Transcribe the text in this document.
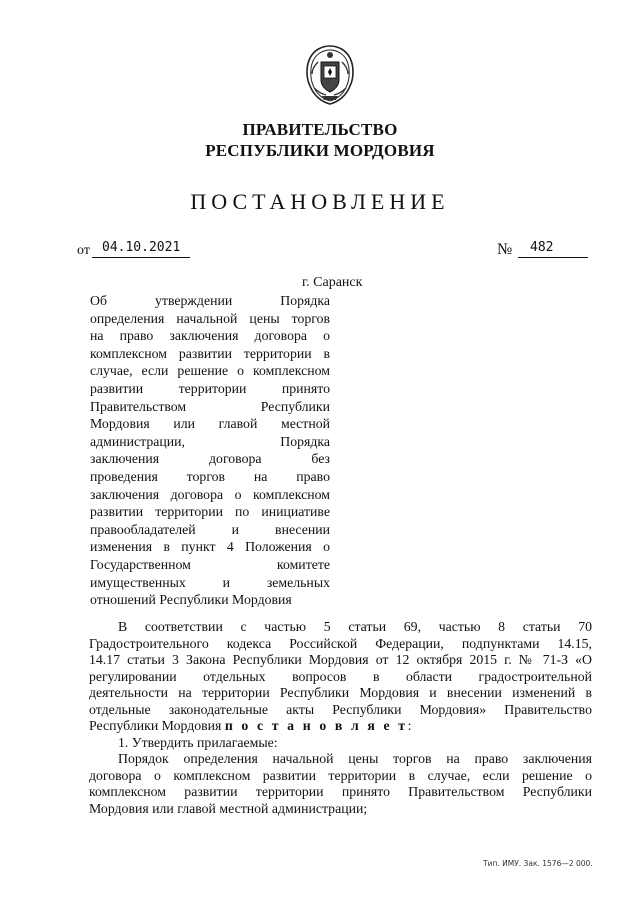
ПРАВИТЕЛЬСТВО
РЕСПУБЛИКИ МОРДОВИЯ
ПОСТАНОВЛЕНИЕ
от 04.10.2021	№	482
г. Саранск
Об утверждении Порядка
определения начальной цены торгов
на право заключения договора о
комплексном развитии территории в
случае, если решение о комплексном
развитии территории принято
Правительством Республики
Мордовия или главой местной
администрации, Порядка
заключения договора без
проведения торгов на право
заключения договора о комплексном
развитии территории по инициативе
правообладателей и внесении
изменения в пункт 4 Положения о
Государственном комитете
имущественных и земельных
отношений Республики Мордовия
В соответствии с частью 5 статьи 69, частью 8 статьи 70
Градостроительного кодекса Российской Федерации, подпунктами 14.15,
14.17 статьи 3 Закона Республики Мордовия от 12 октября 2015 г. № 71-З «О
регулировании отдельных вопросов в области градостроительной
деятельности на территории Республики Мордовия и внесении изменений в
отдельные законодательные акты Республики Мордовия» Правительство
Республики Мордовия п о с т а н о в л я е т:
1. Утвердить прилагаемые:
Порядок определения начальной цены торгов на право заключения
договора о комплексном развитии территории в случае, если решение о
комплексном развитии территории принято Правительством Республики
Мордовия или главой местной администрации;
Тип. ИМУ. Зак. 1576—2 000.
